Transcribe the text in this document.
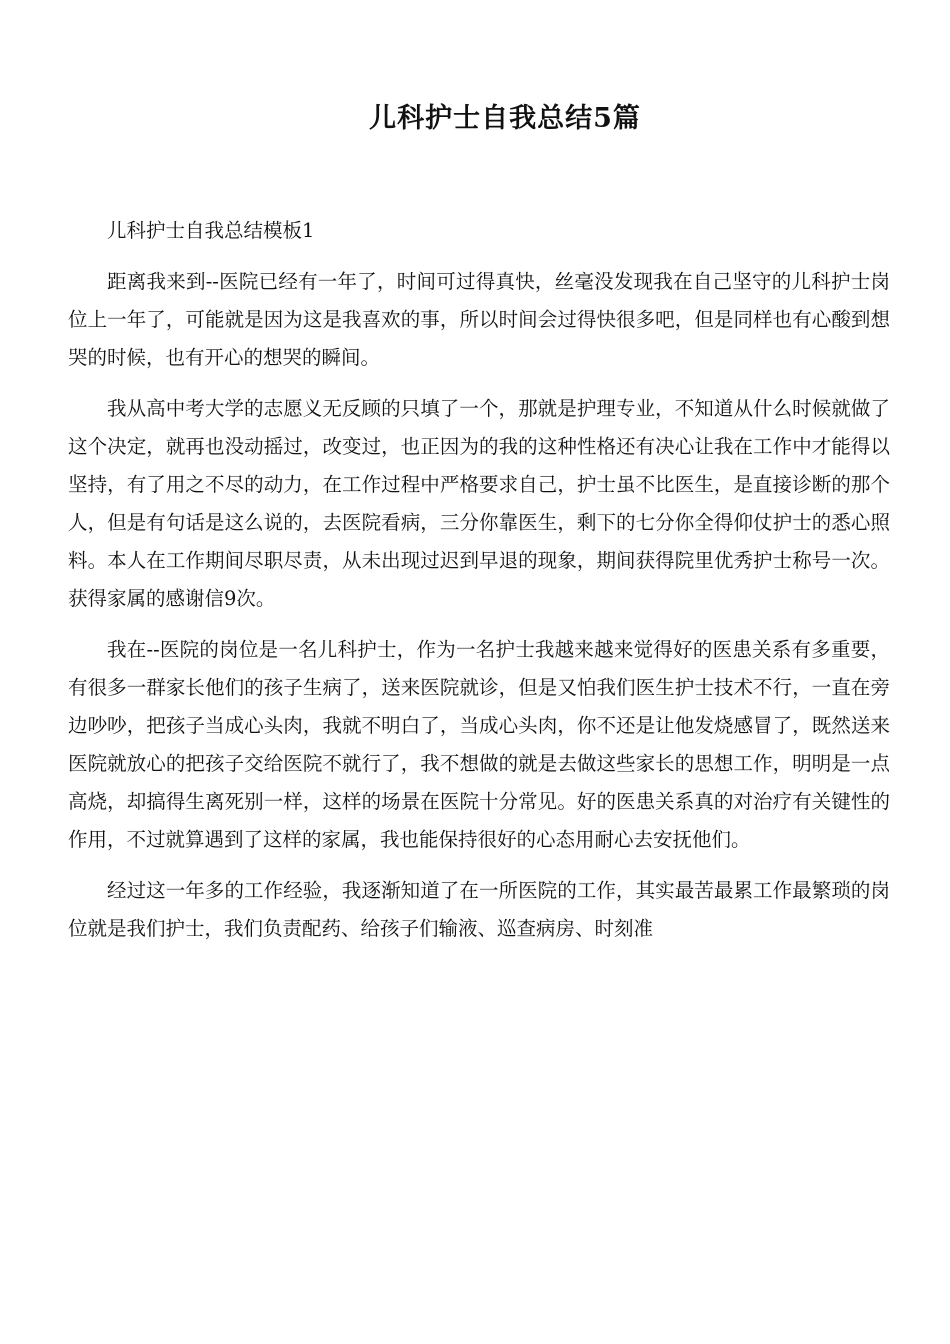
儿科护士自我总结5篇

儿科护士自我总结模板1

距离我来到--医院已经有一年了，时间可过得真快，丝毫没发现我在自己坚守的儿科护士岗位上一年了，可能就是因为这是我喜欢的事，所以时间会过得快很多吧，但是同样也有心酸到想哭的时候，也有开心的想哭的瞬间。

我从高中考大学的志愿义无反顾的只填了一个，那就是护理专业，不知道从什么时候就做了这个决定，就再也没动摇过，改变过，也正因为的我的这种性格还有决心让我在工作中才能得以坚持，有了用之不尽的动力，在工作过程中严格要求自己，护士虽不比医生，是直接诊断的那个人，但是有句话是这么说的，去医院看病，三分你靠医生，剩下的七分你全得仰仗护士的悉心照料。本人在工作期间尽职尽责，从未出现过迟到早退的现象，期间获得院里优秀护士称号一次。获得家属的感谢信9次。

我在--医院的岗位是一名儿科护士，作为一名护士我越来越来觉得好的医患关系有多重要，有很多一群家长他们的孩子生病了，送来医院就诊，但是又怕我们医生护士技术不行，一直在旁边吵吵，把孩子当成心头肉，我就不明白了，当成心头肉，你不还是让他发烧感冒了，既然送来医院就放心的把孩子交给医院不就行了，我不想做的就是去做这些家长的思想工作，明明是一点高烧，却搞得生离死别一样，这样的场景在医院十分常见。好的医患关系真的对治疗有关键性的作用，不过就算遇到了这样的家属，我也能保持很好的心态用耐心去安抚他们。

经过这一年多的工作经验，我逐渐知道了在一所医院的工作，其实最苦最累工作最繁琐的岗位就是我们护士，我们负责配药、给孩子们输液、巡查病房、时刻准
